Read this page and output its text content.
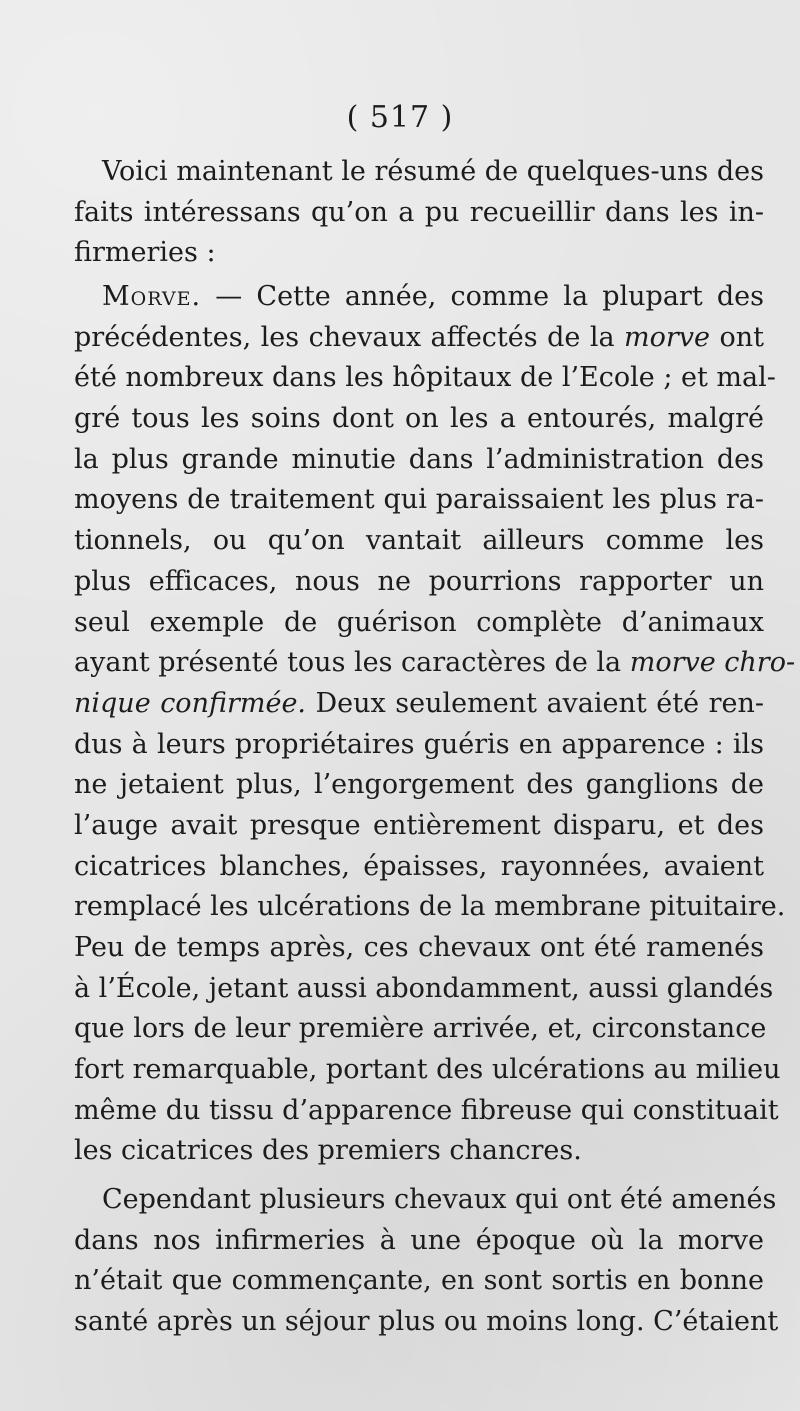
( 517 )
Voici maintenant le résumé de quelques-uns des
faits intéressans qu’on a pu recueillir dans les in-
firmeries :
Morve. — Cette année, comme la plupart des
précédentes, les chevaux affectés de la morve ont
été nombreux dans les hôpitaux de l’Ecole ; et mal-
gré tous les soins dont on les a entourés, malgré
la plus grande minutie dans l’administration des
moyens de traitement qui paraissaient les plus ra-
tionnels, ou qu’on vantait ailleurs comme les
plus efficaces, nous ne pourrions rapporter un
seul exemple de guérison complète d’animaux
ayant présenté tous les caractères de la morve chro-
nique confirmée. Deux seulement avaient été ren-
dus à leurs propriétaires guéris en apparence : ils
ne jetaient plus, l’engorgement des ganglions de
l’auge avait presque entièrement disparu, et des
cicatrices blanches, épaisses, rayonnées, avaient
remplacé les ulcérations de la membrane pituitaire.
Peu de temps après, ces chevaux ont été ramenés
à l’École, jetant aussi abondamment, aussi glandés
que lors de leur première arrivée, et, circonstance
fort remarquable, portant des ulcérations au milieu
même du tissu d’apparence fibreuse qui constituait
les cicatrices des premiers chancres.
Cependant plusieurs chevaux qui ont été amenés
dans nos infirmeries à une époque où la morve
n’était que commençante, en sont sortis en bonne
santé après un séjour plus ou moins long. C’étaient
